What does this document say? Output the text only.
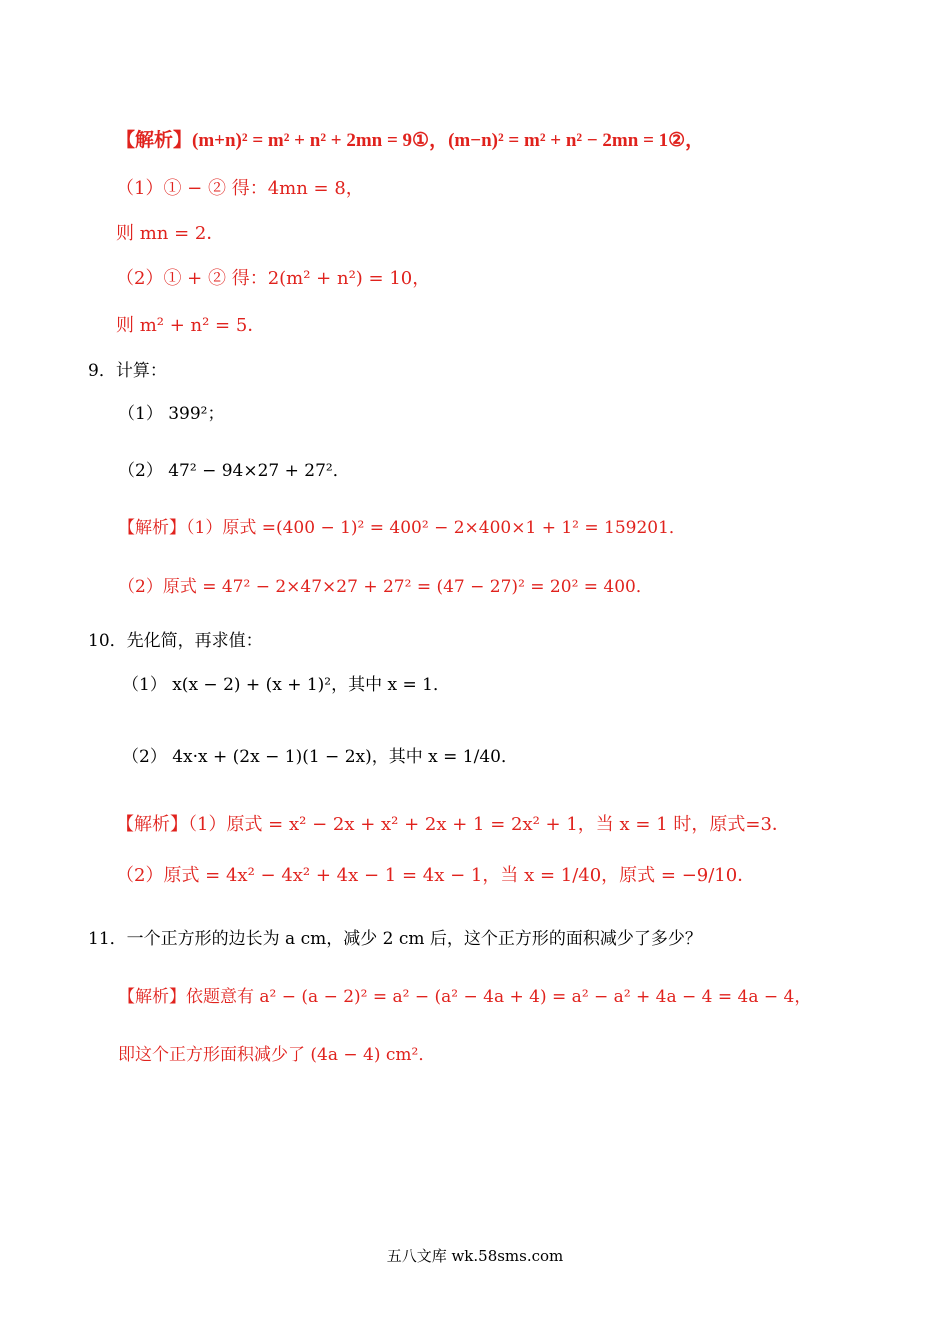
【解析】(m+n)² = m² + n² + 2mn = 9①，(m−n)² = m² + n² − 2mn = 1②，
（1）① − ② 得：4mn = 8，
则 mn = 2．
（2）① + ② 得：2(m² + n²) = 10，
则 m² + n² = 5．
9．计算：
（1） 399²；
（2） 47² − 94×27 + 27²．
【解析】（1）原式 =(400 − 1)² = 400² − 2×400×1 + 1² = 159201．
（2）原式 = 47² − 2×47×27 + 27² = (47 − 27)² = 20² = 400．
10．先化简，再求值：
（1） x(x − 2) + (x + 1)²，其中 x = 1．
（2） 4x·x + (2x − 1)(1 − 2x)，其中 x = 1/40．
【解析】（1）原式 = x² − 2x + x² + 2x + 1 = 2x² + 1，当 x = 1 时，原式=3．
（2）原式 = 4x² − 4x² + 4x − 1 = 4x − 1，当 x = 1/40，原式 = −9/10．
11．一个正方形的边长为 a cm，减少 2 cm 后，这个正方形的面积减少了多少？
【解析】依题意有 a² − (a − 2)² = a² − (a² − 4a + 4) = a² − a² + 4a − 4 = 4a − 4，
即这个正方形面积减少了 (4a − 4) cm²．
五八文库 wk.58sms.com
